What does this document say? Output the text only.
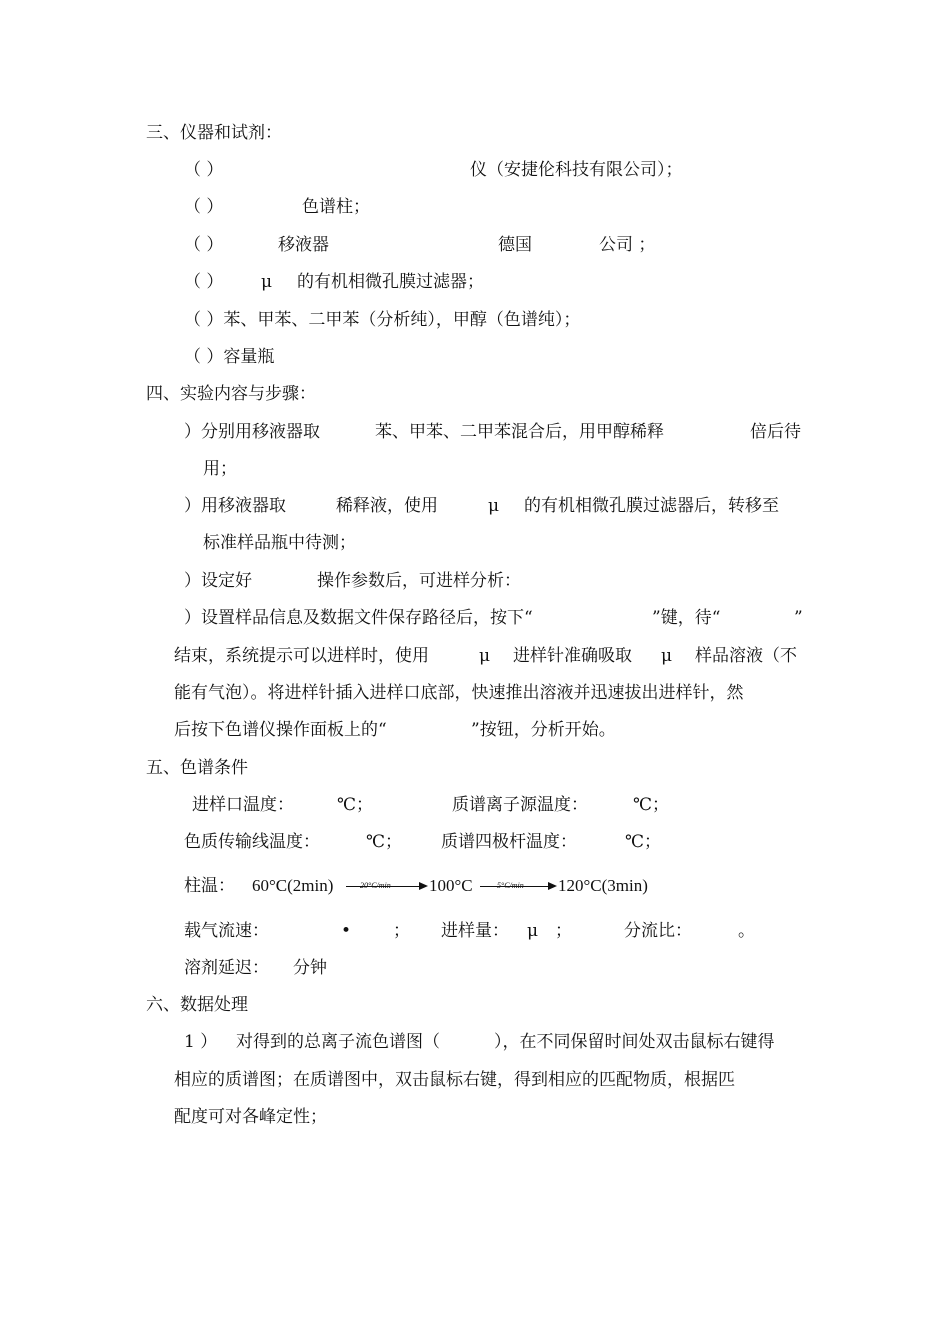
三、仪器和试剂：
（ ）	仪（安捷伦科技有限公司）；
（ ）	色谱柱；
（ ）	移液器	德国	公司 ；
（ ） μ 的有机相微孔膜过滤器；
（ ）苯、甲苯、二甲苯（分析纯），甲醇（色谱纯）；
（ ）容量瓶
四、实验内容与步骤：
）分别用移液器取	苯、甲苯、二甲苯混合后，用甲醇稀释	倍后待
用；
）用移液器取	稀释液，使用	μ 的有机相微孔膜过滤器后，转移至
标准样品瓶中待测；
）设定好	操作参数后，可进样分析：
）设置样品信息及数据文件保存路径后，按下“	”键，待“	”
结束，系统提示可以进样时，使用	μ 进样针准确吸取 μ 样品溶液（不
能有气泡）。将进样针插入进样口底部，快速推出溶液并迅速拔出进样针，然
后按下色谱仪操作面板上的“	”按钮，分析开始。
五、色谱条件
进样口温度：	℃；	质谱离子源温度：	℃；
色质传输线温度：	℃； 质谱四极杆温度：	℃；
柱温： 60°C(2min)	100°C	120°C(3min)
载气流速：	• ； 进样量： μ ；	分流比：	。
溶剂延迟： 分钟
六、数据处理
1 ） 对得到的总离子流色谱图（	），在不同保留时间处双击鼠标右键得
相应的质谱图；在质谱图中，双击鼠标右键，得到相应的匹配物质，根据匹
配度可对各峰定性；
